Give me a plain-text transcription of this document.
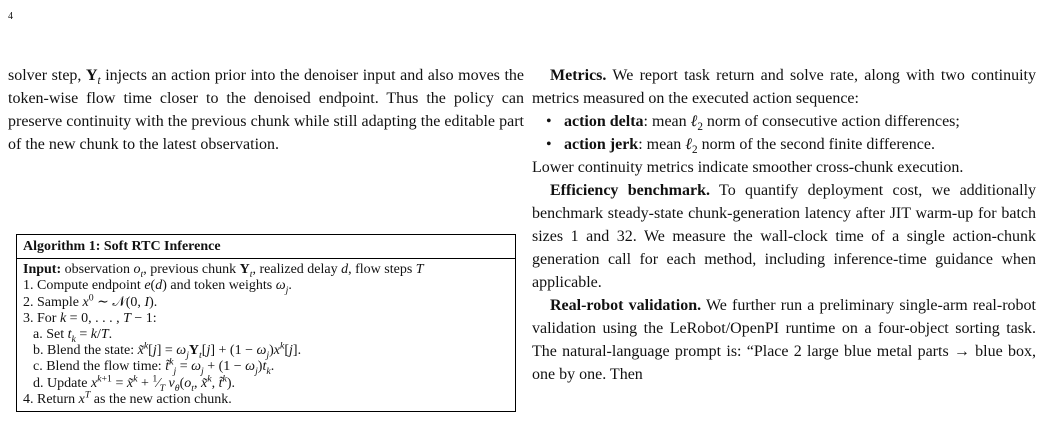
4

solver step, $Y_t$ injects an action prior into the denoiser input and also moves the token-wise flow time closer to the denoised endpoint. Thus the policy can preserve continuity with the previous chunk while still adapting the editable part of the new chunk to the latest observation.

Algorithm 1: Soft RTC Inference
Input: observation $o_t$, previous chunk $Y_t$, realized delay d, flow steps T
1. Compute endpoint e(d) and token weights $\omega_j$.
2. Sample $x^0$ ∼ 𝒩(0, I).
3. For k = 0, . . . , T − 1:
a. Set $t_k = k/T$.
b. Blend the state: x̃$^k$[j] = $\omega_jY_t[j] + (1 - \omega_j)x^k[j]$.
c. Blend the flow time: t̃$^k_j$ = $\omega_j + (1 - \omega_j)t_k$.
d. Update $x^{k+1}$ = x̃$^k$ + $^1⁄_T$ $v_\theta(o_t$, x̃$^k$, t̃$^k$).
4. Return $x^T$ as the new action chunk.

Metrics. We report task return and solve rate, along with two continuity metrics measured on the executed action sequence:

• action delta: mean ℓ$_2$ norm of consecutive action differences;
• action jerk: mean ℓ$_2$ norm of the second finite difference.

Lower continuity metrics indicate smoother cross-chunk execution.

Efficiency benchmark. To quantify deployment cost, we additionally benchmark steady-state chunk-generation latency after JIT warm-up for batch sizes 1 and 32. We measure the wall-clock time of a single action-chunk generation call for each method, including inference-time guidance when applicable.

Real-robot validation. We further run a preliminary single-arm real-robot validation using the LeRobot/OpenPI runtime on a four-object sorting task. The natural-language prompt is: “Place 2 large blue metal parts → blue box, one by one. Then
